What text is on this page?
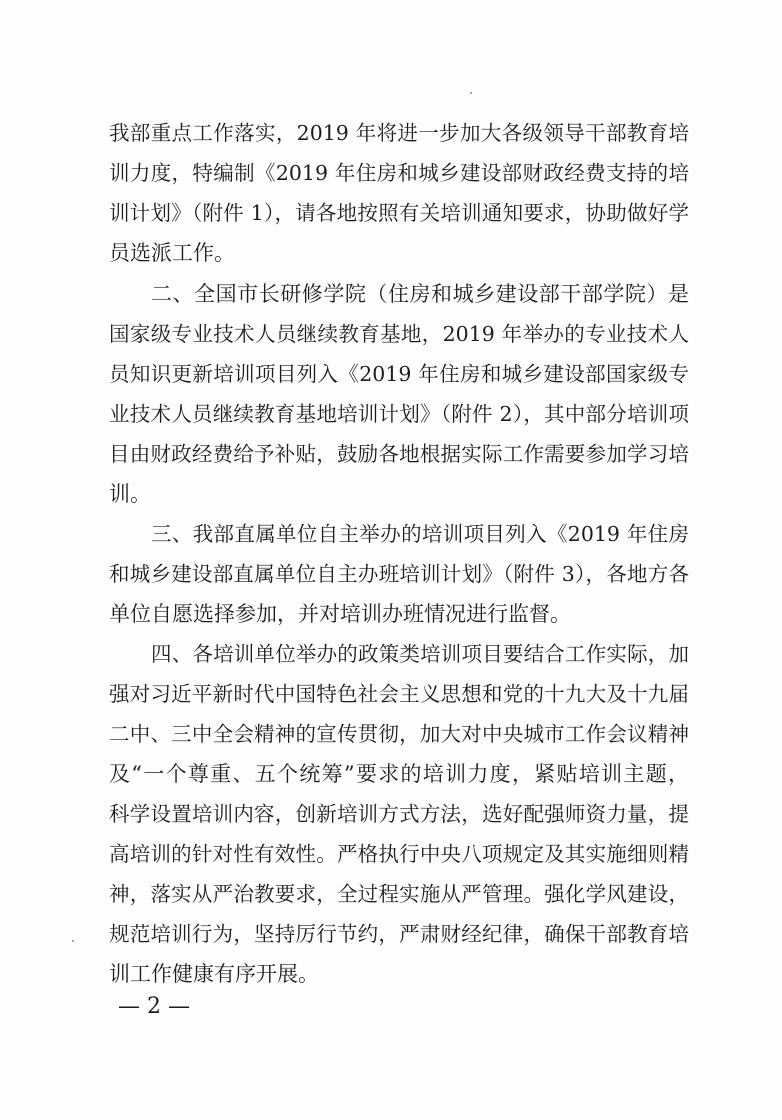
我部重点工作落实，2019 年将进一步加大各级领导干部教育培
训力度，特编制《2019 年住房和城乡建设部财政经费支持的培
训计划》（附件 1），请各地按照有关培训通知要求，协助做好学
员选派工作。
二、全国市长研修学院（住房和城乡建设部干部学院）是
国家级专业技术人员继续教育基地，2019 年举办的专业技术人
员知识更新培训项目列入《2019 年住房和城乡建设部国家级专
业技术人员继续教育基地培训计划》（附件 2），其中部分培训项
目由财政经费给予补贴，鼓励各地根据实际工作需要参加学习培
训。
三、我部直属单位自主举办的培训项目列入《2019 年住房
和城乡建设部直属单位自主办班培训计划》（附件 3），各地方各
单位自愿选择参加，并对培训办班情况进行监督。
四、各培训单位举办的政策类培训项目要结合工作实际，加
强对习近平新时代中国特色社会主义思想和党的十九大及十九届
二中、三中全会精神的宣传贯彻，加大对中央城市工作会议精神
及“一个尊重、五个统筹”要求的培训力度，紧贴培训主题，
科学设置培训内容，创新培训方式方法，选好配强师资力量，提
高培训的针对性有效性。严格执行中央八项规定及其实施细则精
神，落实从严治教要求，全过程实施从严管理。强化学风建设，
规范培训行为，坚持厉行节约，严肃财经纪律，确保干部教育培
训工作健康有序开展。
— 2 —
